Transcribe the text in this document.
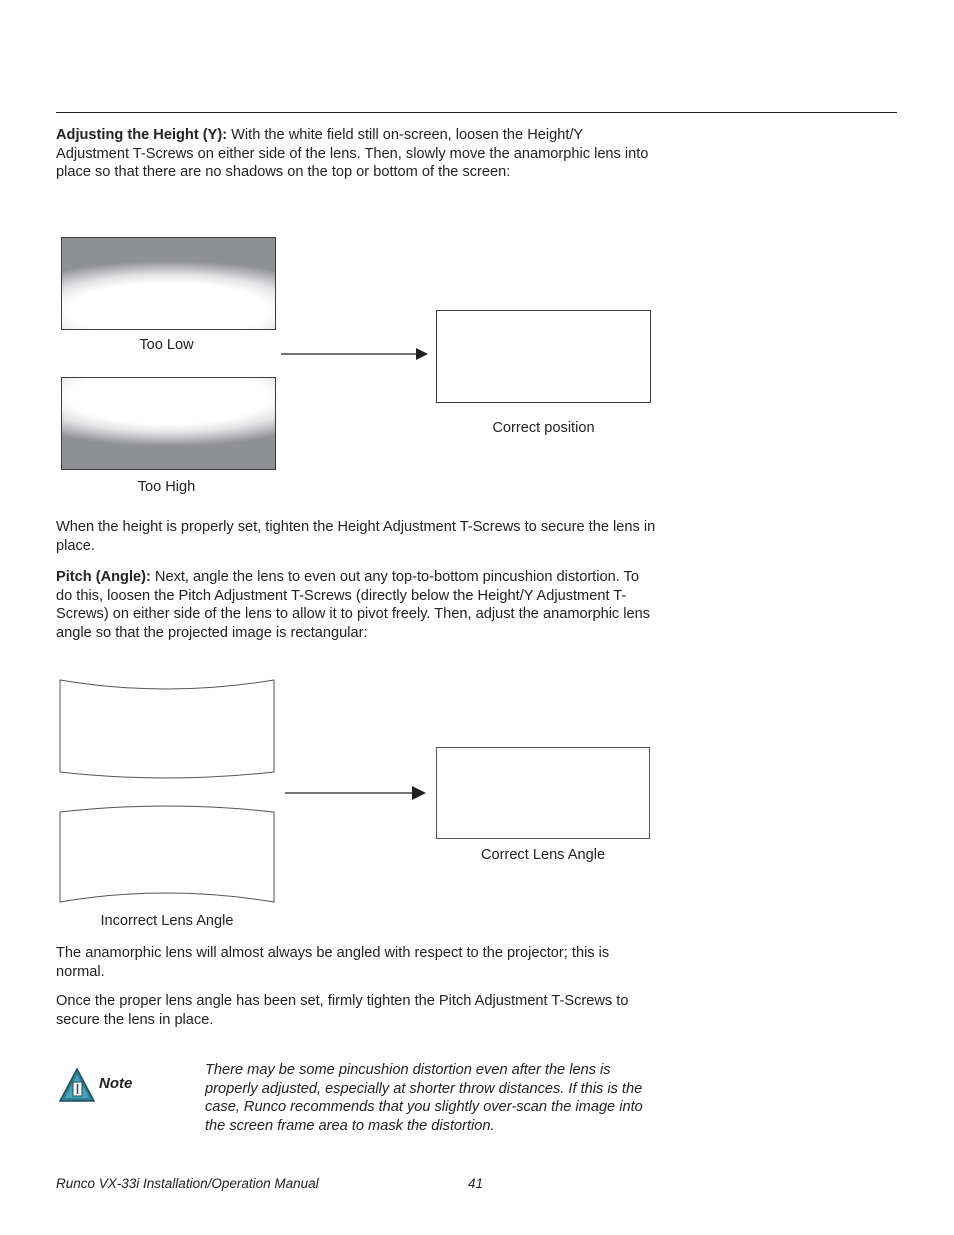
Adjusting the Height (Y): With the white field still on-screen, loosen the Height/Y Adjustment T-Screws on either side of the lens. Then, slowly move the anamorphic lens into place so that there are no shadows on the top or bottom of the screen:

Too Low
Too High
Correct position

When the height is properly set, tighten the Height Adjustment T-Screws to secure the lens in place.

Pitch (Angle): Next, angle the lens to even out any top-to-bottom pincushion distortion. To do this, loosen the Pitch Adjustment T-Screws (directly below the Height/Y Adjustment T-Screws) on either side of the lens to allow it to pivot freely. Then, adjust the anamorphic lens angle so that the projected image is rectangular:

Incorrect Lens Angle
Correct Lens Angle

The anamorphic lens will almost always be angled with respect to the projector; this is normal.

Once the proper lens angle has been set, firmly tighten the Pitch Adjustment T-Screws to secure the lens in place.

Note

There may be some pincushion distortion even after the lens is properly adjusted, especially at shorter throw distances. If this is the case, Runco recommends that you slightly over-scan the image into the screen frame area to mask the distortion.

Runco VX-33i Installation/Operation Manual	41
